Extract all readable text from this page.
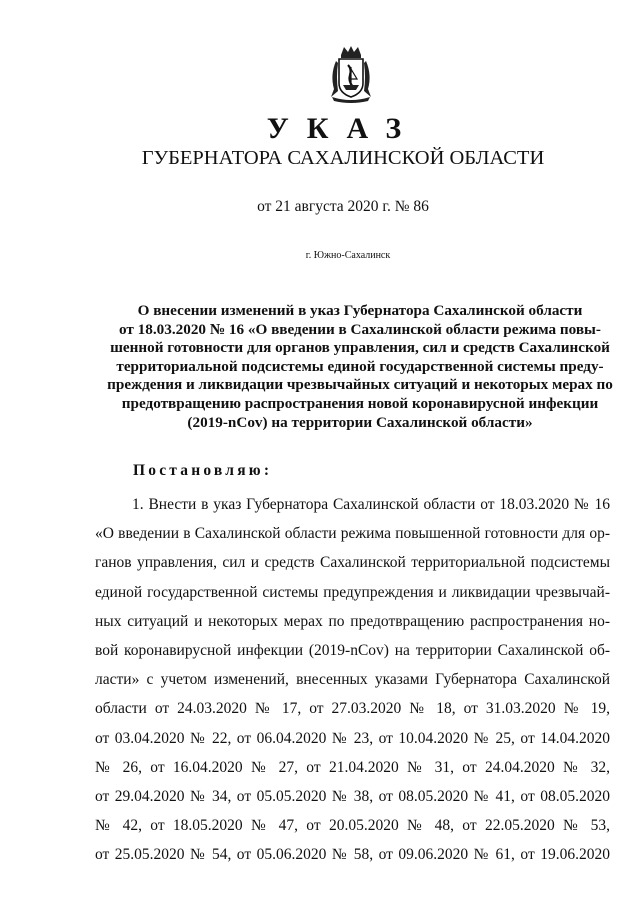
УКАЗ
ГУБЕРНАТОРА САХАЛИНСКОЙ ОБЛАСТИ
от 21 августа 2020 г. № 86
г. Южно-Сахалинск
О внесении изменений в указ Губернатора Сахалинской области
от 18.03.2020 № 16 «О введении в Сахалинской области режима повы-
шенной готовности для органов управления, сил и средств Сахалинской
территориальной подсистемы единой государственной системы преду-
преждения и ликвидации чрезвычайных ситуаций и некоторых мерах по
предотвращению распространения новой коронавирусной инфекции
(2019-nCov) на территории Сахалинской области»
Постановляю:
1. Внести в указ Губернатора Сахалинской области от 18.03.2020 № 16
«О введении в Сахалинской области режима повышенной готовности для ор-
ганов управления, сил и средств Сахалинской территориальной подсистемы
единой государственной системы предупреждения и ликвидации чрезвычай-
ных ситуаций и некоторых мерах по предотвращению распространения но-
вой коронавирусной инфекции (2019-nCov) на территории Сахалинской об-
ласти» с учетом изменений, внесенных указами Губернатора Сахалинской
области от 24.03.2020 № 17, от 27.03.2020 № 18, от 31.03.2020 № 19,
от 03.04.2020 № 22, от 06.04.2020 № 23, от 10.04.2020 № 25, от 14.04.2020
№ 26, от 16.04.2020 № 27, от 21.04.2020 № 31, от 24.04.2020 № 32,
от 29.04.2020 № 34, от 05.05.2020 № 38, от 08.05.2020 № 41, от 08.05.2020
№ 42, от 18.05.2020 № 47, от 20.05.2020 № 48, от 22.05.2020 № 53,
от 25.05.2020 № 54, от 05.06.2020 № 58, от 09.06.2020 № 61, от 19.06.2020
